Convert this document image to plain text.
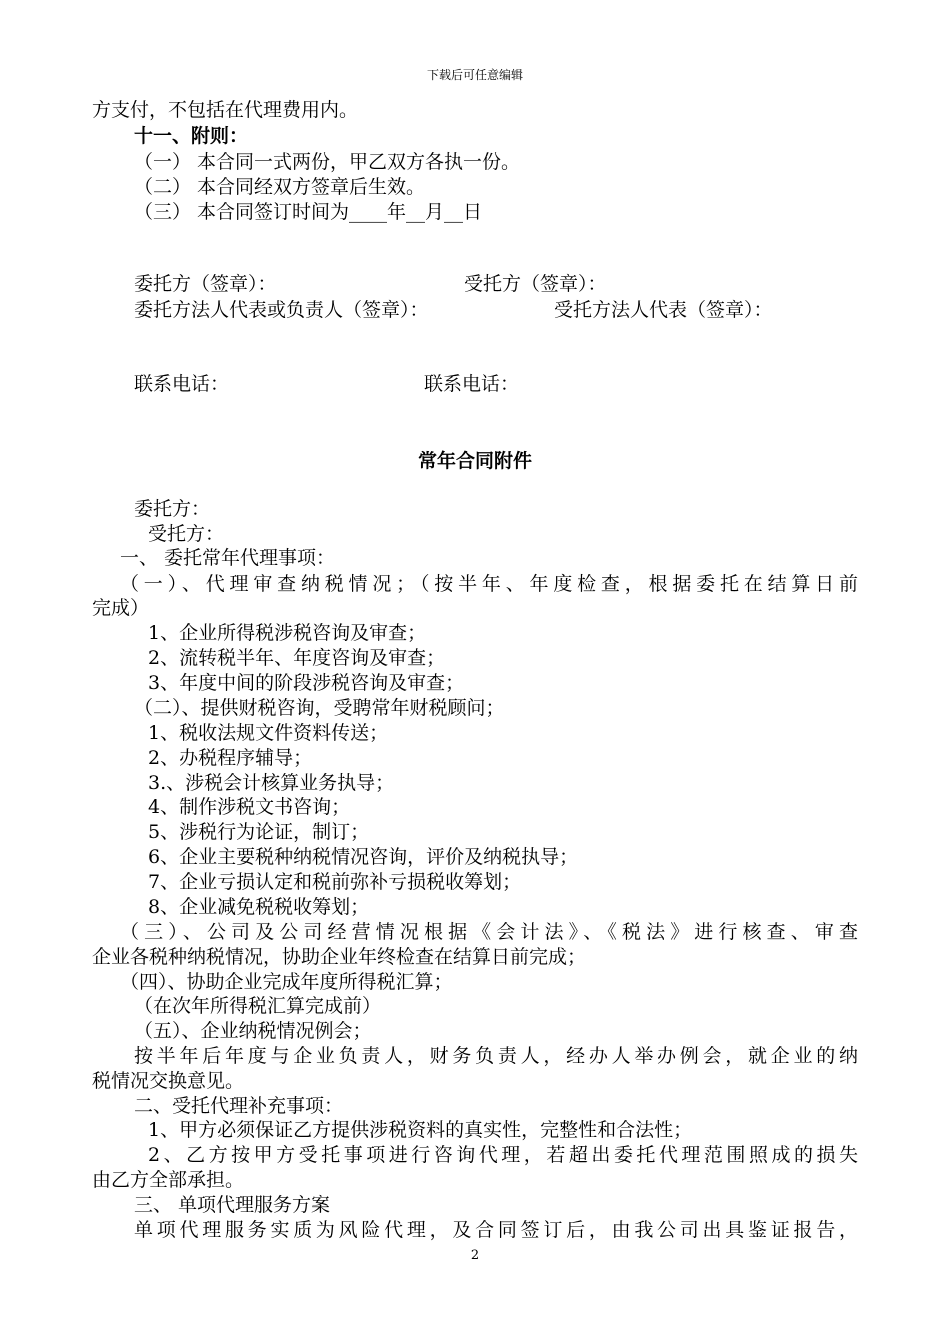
下载后可任意编辑
方支付，不包括在代理费用内。
十一、附则：
（一） 本合同一式两份，甲乙双方各执一份。
（二） 本合同经双方签章后生效。
（三） 本合同签订时间为____年__月__日
委托方（签章）：	受托方（签章）：
委托方法人代表或负责人（签章）：	受托方法人代表（签章）：
联系电话：	联系电话：
常年合同附件
委托方：
受托方：
一、 委托常年代理事项：
（一）、代理审查纳税情况；（按半年、年度检查，根据委托在结算日前
完成）
1、企业所得税涉税咨询及审查；
2、流转税半年、年度咨询及审查；
3、年度中间的阶段涉税咨询及审查；
（二）、提供财税咨询，受聘常年财税顾问；
1、税收法规文件资料传送；
2、办税程序辅导；
3.、涉税会计核算业务执导；
4、制作涉税文书咨询；
5、涉税行为论证，制订；
6、企业主要税种纳税情况咨询，评价及纳税执导；
7、企业亏损认定和税前弥补亏损税收筹划；
8、企业减免税税收筹划；
（三）、公司及公司经营情况根据《会计法》、《税法》进行核查、审查
企业各税种纳税情况，协助企业年终检查在结算日前完成；
（四）、协助企业完成年度所得税汇算；
（在次年所得税汇算完成前）
（五）、企业纳税情况例会；
按半年后年度与企业负责人，财务负责人，经办人举办例会，就企业的纳
税情况交换意见。
二、受托代理补充事项：
1、甲方必须保证乙方提供涉税资料的真实性，完整性和合法性；
2、乙方按甲方受托事项进行咨询代理，若超出委托代理范围照成的损失
由乙方全部承担。
三、 单项代理服务方案
单项代理服务实质为风险代理，及合同签订后，由我公司出具鉴证报告，
2
